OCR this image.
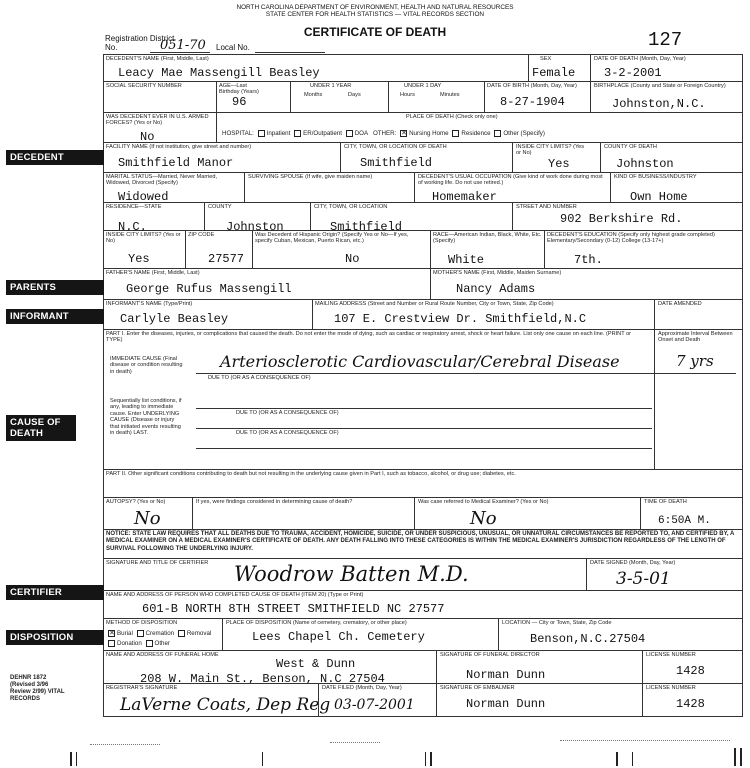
NORTH CAROLINA DEPARTMENT OF ENVIRONMENT, HEALTH AND NATURAL RESOURCES
STATE CENTER FOR HEALTH STATISTICS — VITAL RECORDS SECTION
CERTIFICATE OF DEATH	127
Registration District No.	051-70 Local No.
DECEDENT
PARENTS
INFORMANT
CAUSE OF DEATH
CERTIFIER
DISPOSITION
DEHNR 1872 (Revised 3/96 Review 2/99) VITAL RECORDS
DECEDENT'S NAME (First, Middle, Last)
Leacy Mae Massengill Beasley
SEX
Female
DATE OF DEATH (Month, Day, Year)
3-2-2001
SOCIAL SECURITY NUMBER	AGE—Last Birthday (Years)
96
UNDER 1 YEAR
Months	Days
UNDER 1 DAY
Hours	Minutes
DATE OF BIRTH (Month, Day, Year)
8-27-1904
BIRTHPLACE (County and State or Foreign Country)
Johnston,N.C.
WAS DECEDENT EVER IN U.S. ARMED FORCES? (Yes or No)
No
PLACE OF DEATH (Check only one)
HOSPITAL: Inpatient ER/Outpatient DOA OTHER: ✕ Nursing Home Residence Other (Specify)
FACILITY NAME (If not institution, give street and number)
Smithfield Manor
CITY, TOWN, OR LOCATION OF DEATH
Smithfield
INSIDE CITY LIMITS? (Yes or No)
Yes
COUNTY OF DEATH
Johnston
MARITAL STATUS—Married, Never Married, Widowed, Divorced (Specify)
Widowed
SURVIVING SPOUSE (If wife, give maiden name)	DECEDENT'S USUAL OCCUPATION (Give kind of work done during most of working life. Do not use retired.)
Homemaker
KIND OF BUSINESS/INDUSTRY
Own Home
RESIDENCE—STATE
N.C.
COUNTY
Johnston
CITY, TOWN, OR LOCATION
Smithfield
STREET AND NUMBER
902 Berkshire Rd.
INSIDE CITY LIMITS? (Yes or No)
Yes
ZIP CODE
27577
Was Decedent of Hispanic Origin? (Specify Yes or No—If yes, specify Cuban, Mexican, Puerto Rican, etc.)
No
RACE—American Indian, Black, White, Etc. (Specify)
White
DECEDENT'S EDUCATION (Specify only highest grade completed) Elementary/Secondary (0-12) College (13-17+)
7th.
FATHER'S NAME (First, Middle, Last)
George Rufus Massengill
MOTHER'S NAME (First, Middle, Maiden Surname)
Nancy Adams
INFORMANT'S NAME (Type/Print)
Carlyle Beasley
MAILING ADDRESS (Street and Number or Rural Route Number, City or Town, State, Zip Code)
107 E. Crestview Dr. Smithfield,N.C
DATE AMENDED
PART I. Enter the diseases, injuries, or complications that caused the death. Do not enter the mode of dying, such as cardiac or respiratory arrest, shock or heart failure. List only one cause on each line. (PRINT or TYPE)
Approximate Interval Between Onset and Death
IMMEDIATE CAUSE (Final disease or condition resulting in death)
Arteriosclerotic Cardiovascular/Cerebral Disease	7 yrs
DUE TO (OR AS A CONSEQUENCE OF)
Sequentially list conditions, if any, leading to immediate cause. Enter UNDERLYING CAUSE (Disease or injury that initiated events resulting in death) LAST.
DUE TO (OR AS A CONSEQUENCE OF)
DUE TO (OR AS A CONSEQUENCE OF)
PART II. Other significant conditions contributing to death but not resulting in the underlying cause given in Part I, such as tobacco, alcohol, or drug use; diabetes, etc.
AUTOPSY? (Yes or No)
No
If yes, were findings considered in determining cause of death?	Was case referred to Medical Examiner? (Yes or No)
No
TIME OF DEATH
6:50A M.
NOTICE: STATE LAW REQUIRES THAT ALL DEATHS DUE TO TRAUMA, ACCIDENT, HOMICIDE, SUICIDE, OR UNDER SUSPICIOUS, UNUSUAL, OR UNNATURAL CIRCUMSTANCES BE REPORTED TO, AND CERTIFIED BY, A MEDICAL EXAMINER ON A MEDICAL EXAMINER'S CERTIFICATE OF DEATH. ANY DEATH FALLING INTO THESE CATEGORIES IS WITHIN THE MEDICAL EXAMINER'S JURISDICTION REGARDLESS OF THE LENGTH OF SURVIVAL FOLLOWING THE UNDERLYING INJURY.
SIGNATURE AND TITLE OF CERTIFIER Woodrow Batten M.D.	DATE SIGNED (Month, Day, Year)
3-5-01
NAME AND ADDRESS OF PERSON WHO COMPLETED CAUSE OF DEATH (ITEM 20) (Type or Print)
601-B NORTH 8TH STREET SMITHFIELD NC 27577
METHOD OF DISPOSITION
✕ Burial Cremation Removal
Donation Other
PLACE OF DISPOSITION (Name of cemetery, crematory, or other place)
Lees Chapel Ch. Cemetery
LOCATION — City or Town, State, Zip Code
Benson,N.C.27504
NAME AND ADDRESS OF FUNERAL HOME
West & Dunn
208 W. Main St., Benson, N.C 27504
SIGNATURE OF FUNERAL DIRECTOR
Norman Dunn
LICENSE NUMBER
1428
REGISTRAR'S SIGNATURE
LaVerne Coats, Dep Reg
DATE FILED (Month, Day, Year)
03-07-2001
SIGNATURE OF EMBALMER
Norman Dunn
LICENSE NUMBER
1428
